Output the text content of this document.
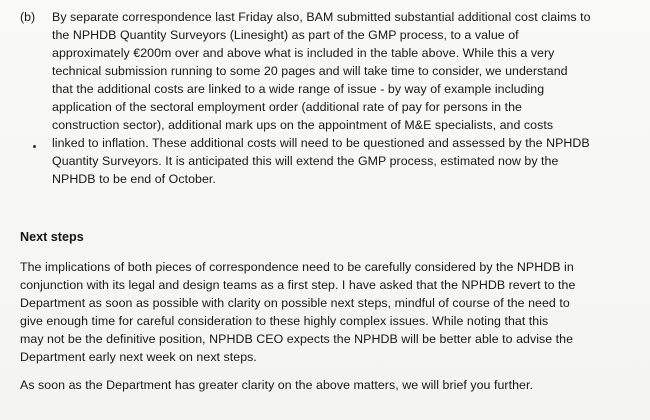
(b) By separate correspondence last Friday also, BAM submitted substantial additional cost claims to
the NPHDB Quantity Surveyors (Linesight) as part of the GMP process, to a value of
approximately €200m over and above what is included in the table above. While this a very
technical submission running to some 20 pages and will take time to consider, we understand
that the additional costs are linked to a wide range of issue - by way of example including
application of the sectoral employment order (additional rate of pay for persons in the
construction sector), additional mark ups on the appointment of M&E specialists, and costs
linked to inflation. These additional costs will need to be questioned and assessed by the NPHDB
Quantity Surveyors. It is anticipated this will extend the GMP process, estimated now by the
NPHDB to be end of October.
Next steps
The implications of both pieces of correspondence need to be carefully considered by the NPHDB in
conjunction with its legal and design teams as a first step. I have asked that the NPHDB revert to the
Department as soon as possible with clarity on possible next steps, mindful of course of the need to
give enough time for careful consideration to these highly complex issues. While noting that this
may not be the definitive position, NPHDB CEO expects the NPHDB will be better able to advise the
Department early next week on next steps.
As soon as the Department has greater clarity on the above matters, we will brief you further.
